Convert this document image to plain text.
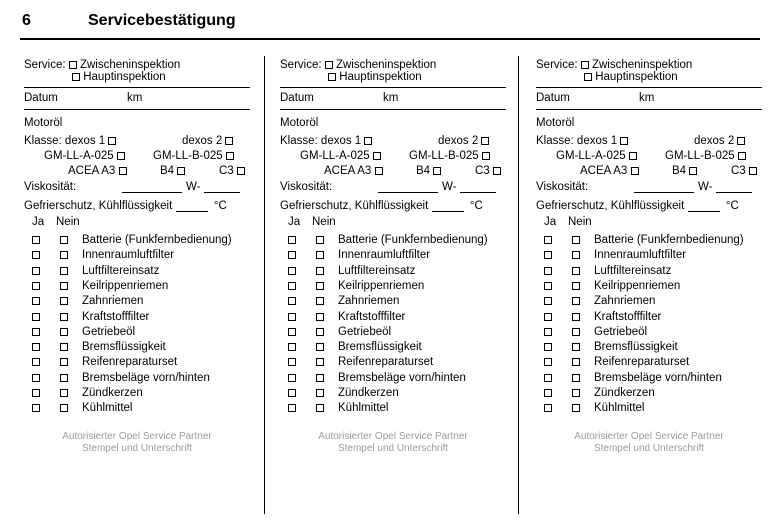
6	Servicebestätigung
Service: Zwischeninspektion
Hauptinspektion
Datum	km
Motoröl
Klasse: dexos 1	dexos 2
GM-LL-A-025	GM-LL-B-025
ACEA A3	B4	C3
Viskosität:	W-
Gefrierschutz, Kühlflüssigkeit	°C
Ja Nein
Batterie (Funkfernbedienung)
Innenraumluftfilter
Luftfiltereinsatz
Keilrippenriemen
Zahnriemen
Kraftstofffilter
Getriebeöl
Bremsflüssigkeit
Reifenreparaturset
Bremsbeläge vorn/hinten
Zündkerzen
Kühlmittel
Autorisierter Opel Service Partner
Stempel und Unterschrift
Service: Zwischeninspektion
Hauptinspektion
Datum	km
Motoröl
Klasse: dexos 1	dexos 2
GM-LL-A-025	GM-LL-B-025
ACEA A3	B4	C3
Viskosität:	W-
Gefrierschutz, Kühlflüssigkeit	°C
Ja Nein
Batterie (Funkfernbedienung)
Innenraumluftfilter
Luftfiltereinsatz
Keilrippenriemen
Zahnriemen
Kraftstofffilter
Getriebeöl
Bremsflüssigkeit
Reifenreparaturset
Bremsbeläge vorn/hinten
Zündkerzen
Kühlmittel
Autorisierter Opel Service Partner
Stempel und Unterschrift
Service: Zwischeninspektion
Hauptinspektion
Datum	km
Motoröl
Klasse: dexos 1	dexos 2
GM-LL-A-025	GM-LL-B-025
ACEA A3	B4	C3
Viskosität:	W-
Gefrierschutz, Kühlflüssigkeit	°C
Ja Nein
Batterie (Funkfernbedienung)
Innenraumluftfilter
Luftfiltereinsatz
Keilrippenriemen
Zahnriemen
Kraftstofffilter
Getriebeöl
Bremsflüssigkeit
Reifenreparaturset
Bremsbeläge vorn/hinten
Zündkerzen
Kühlmittel
Autorisierter Opel Service Partner
Stempel und Unterschrift
